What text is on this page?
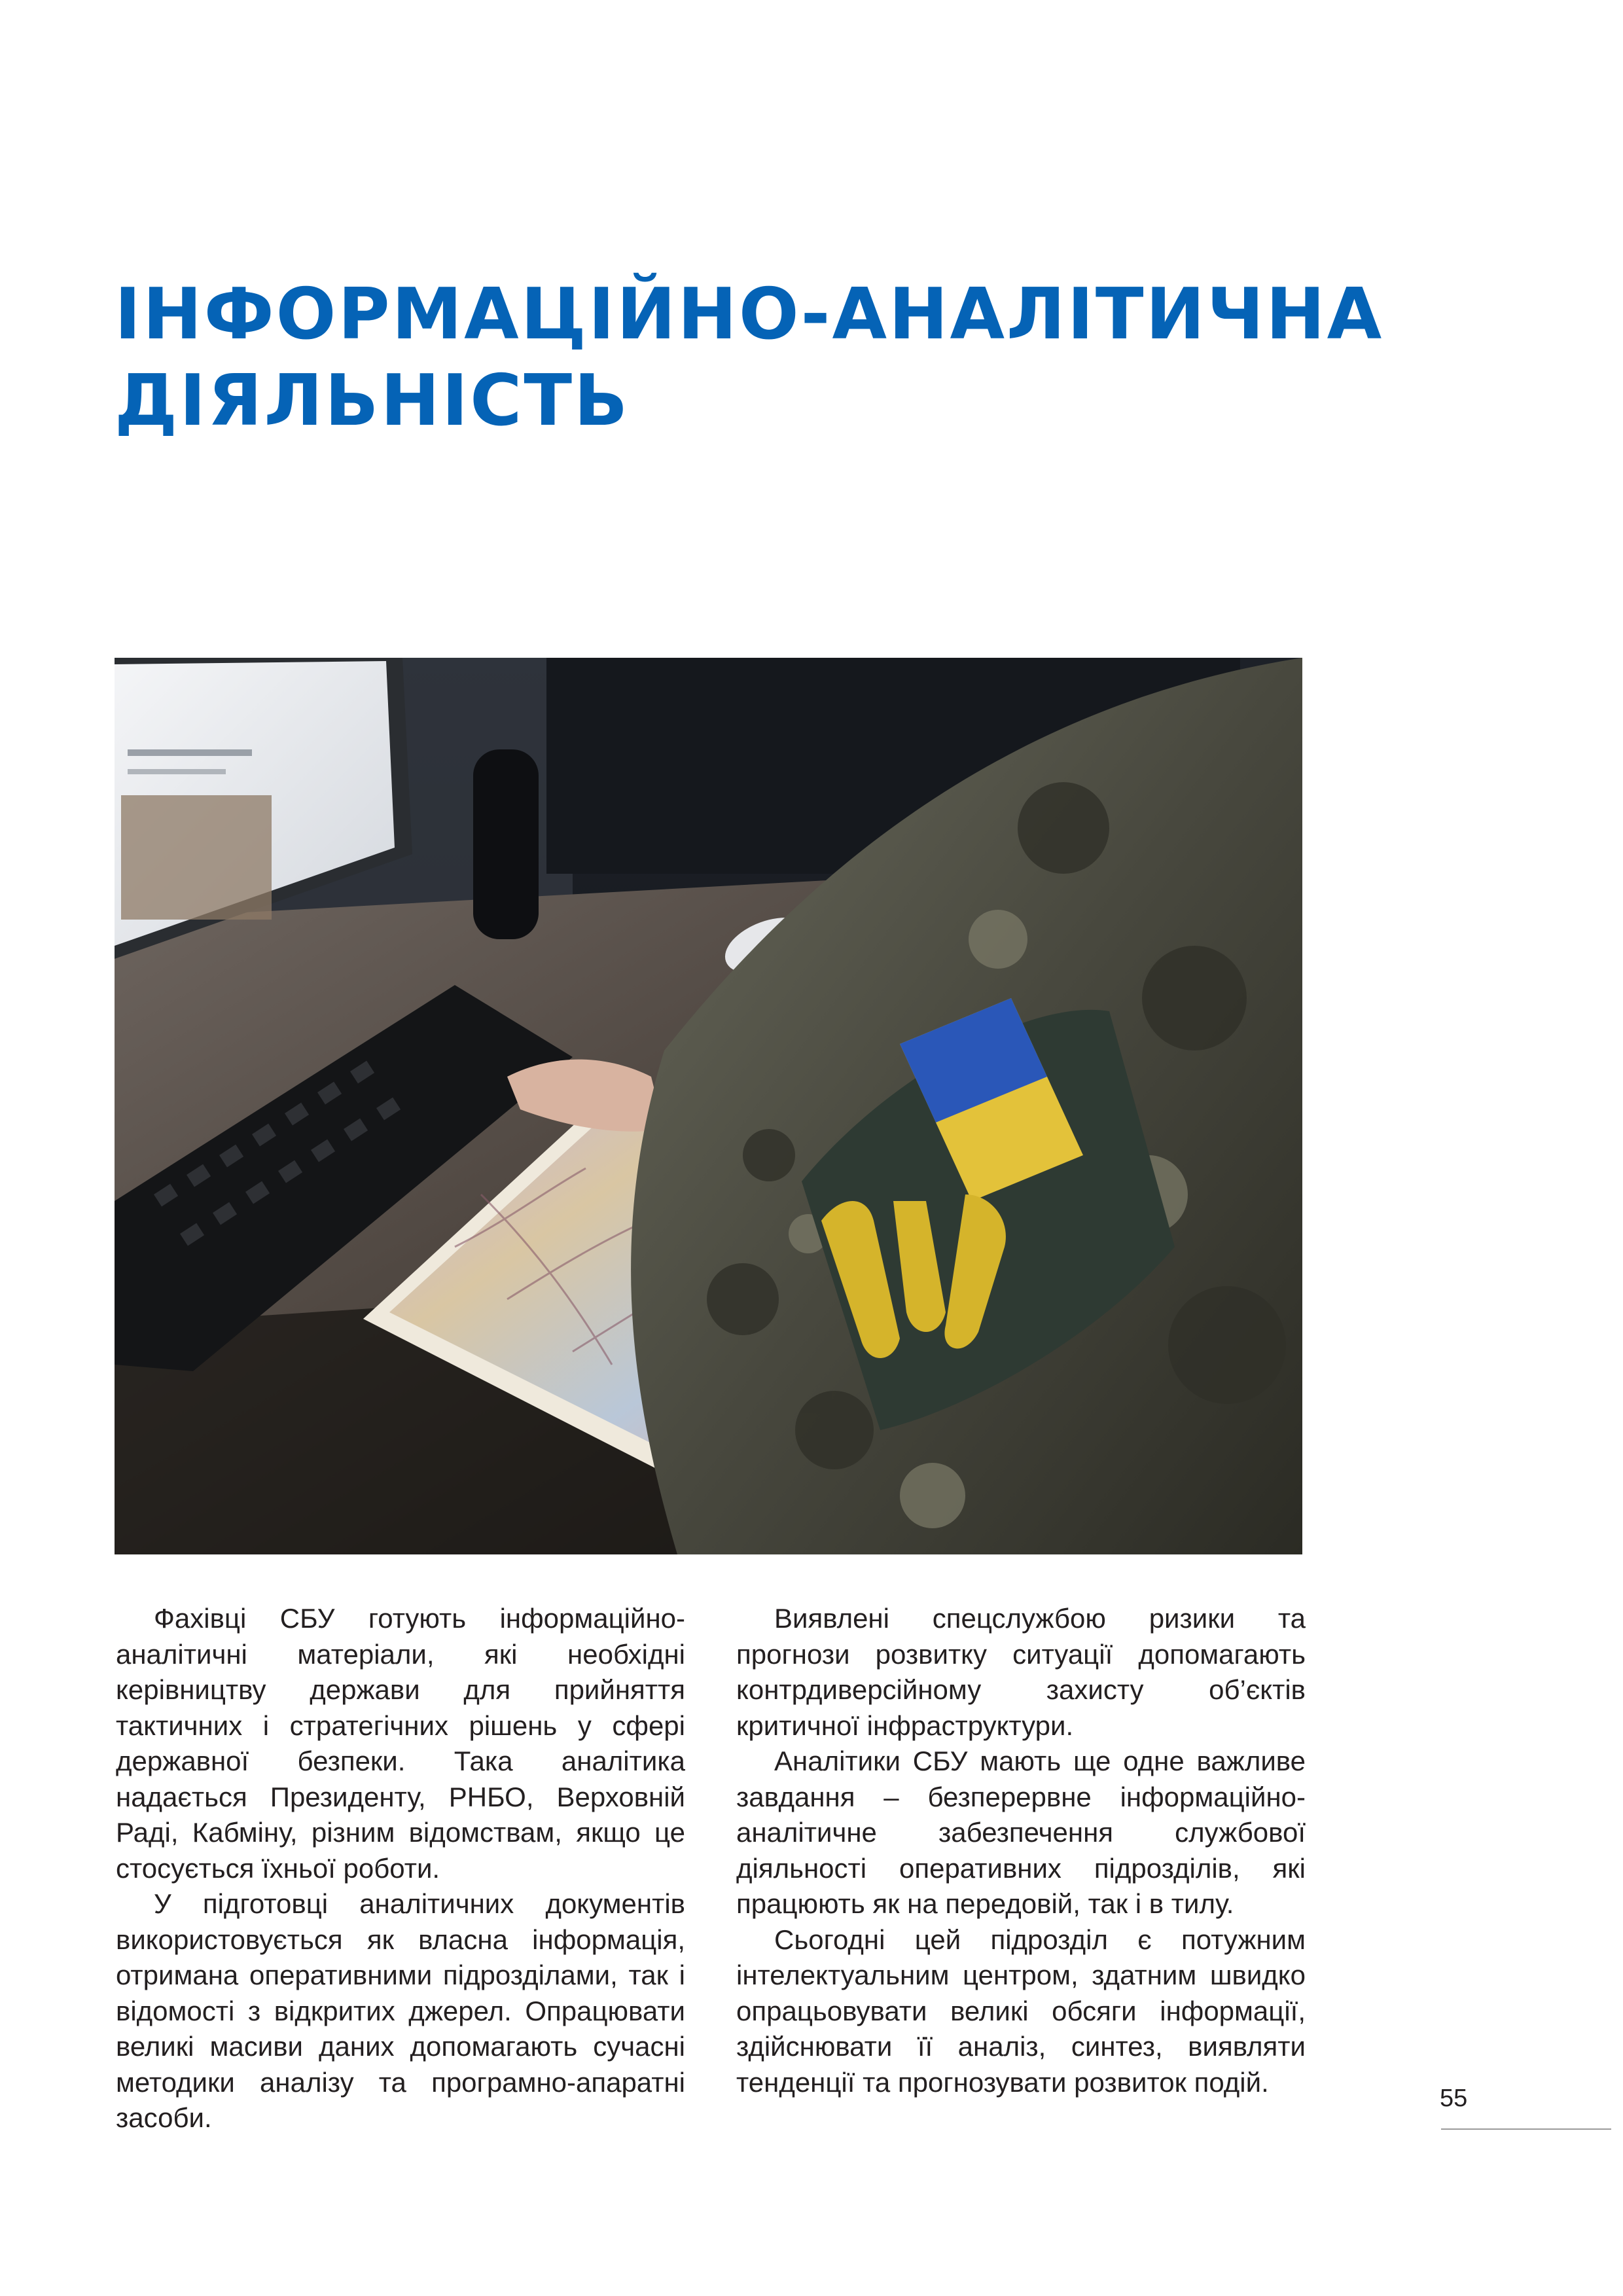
ІНФОРМАЦІЙНО-АНАЛІТИЧНА
ДІЯЛЬНІСТЬ

Фахівці СБУ готують інформаційно-аналітичні матеріали, які необхідні керівництву держави для прийняття тактичних і стратегічних рішень у сфері державної безпеки. Така аналітика надається Президенту, РНБО, Верховній Раді, Кабміну, різним відомствам, якщо це стосується їхньої роботи.

У підготовці аналітичних документів використовується як власна інформація, отримана оперативними підрозділами, так і відомості з відкритих джерел. Опрацювати великі масиви даних допомагають сучасні методики аналізу та програмно-апаратні засоби.

Виявлені спецслужбою ризики та прогнози розвитку ситуації допомагають контрдиверсійному захисту об’єктів критичної інфраструктури.

Аналітики СБУ мають ще одне важливе завдання – безперервне інформаційно-аналітичне забезпечення службової діяльності оперативних підрозділів, які працюють як на передовій, так і в тилу.

Сьогодні цей підрозділ є потужним інтелектуальним центром, здатним швидко опрацьовувати великі обсяги інформації, здійснювати її аналіз, синтез, виявляти тенденції та прогнозувати розвиток подій.

55
